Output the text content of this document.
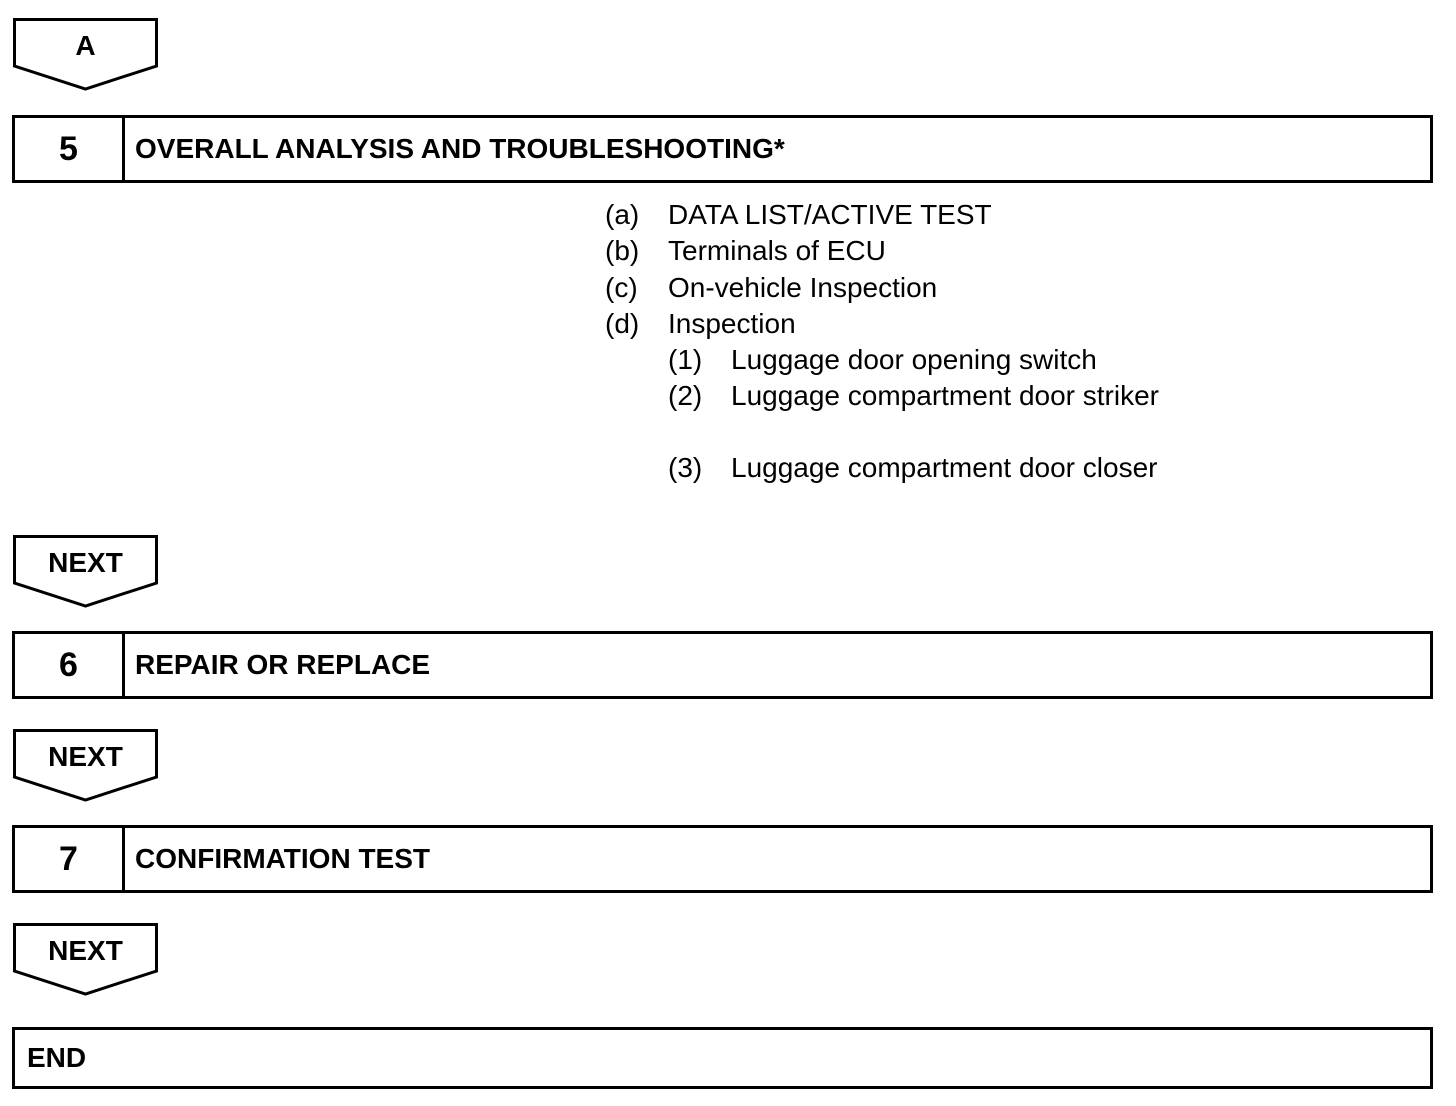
A
5	OVERALL ANALYSIS AND TROUBLESHOOTING*
(a) DATA LIST/ACTIVE TEST
(b) Terminals of ECU
(c) On-vehicle Inspection
(d) Inspection
(1) Luggage door opening switch
(2) Luggage compartment door striker
(3) Luggage compartment door closer
NEXT
6	REPAIR OR REPLACE
NEXT
7	CONFIRMATION TEST
NEXT
END
